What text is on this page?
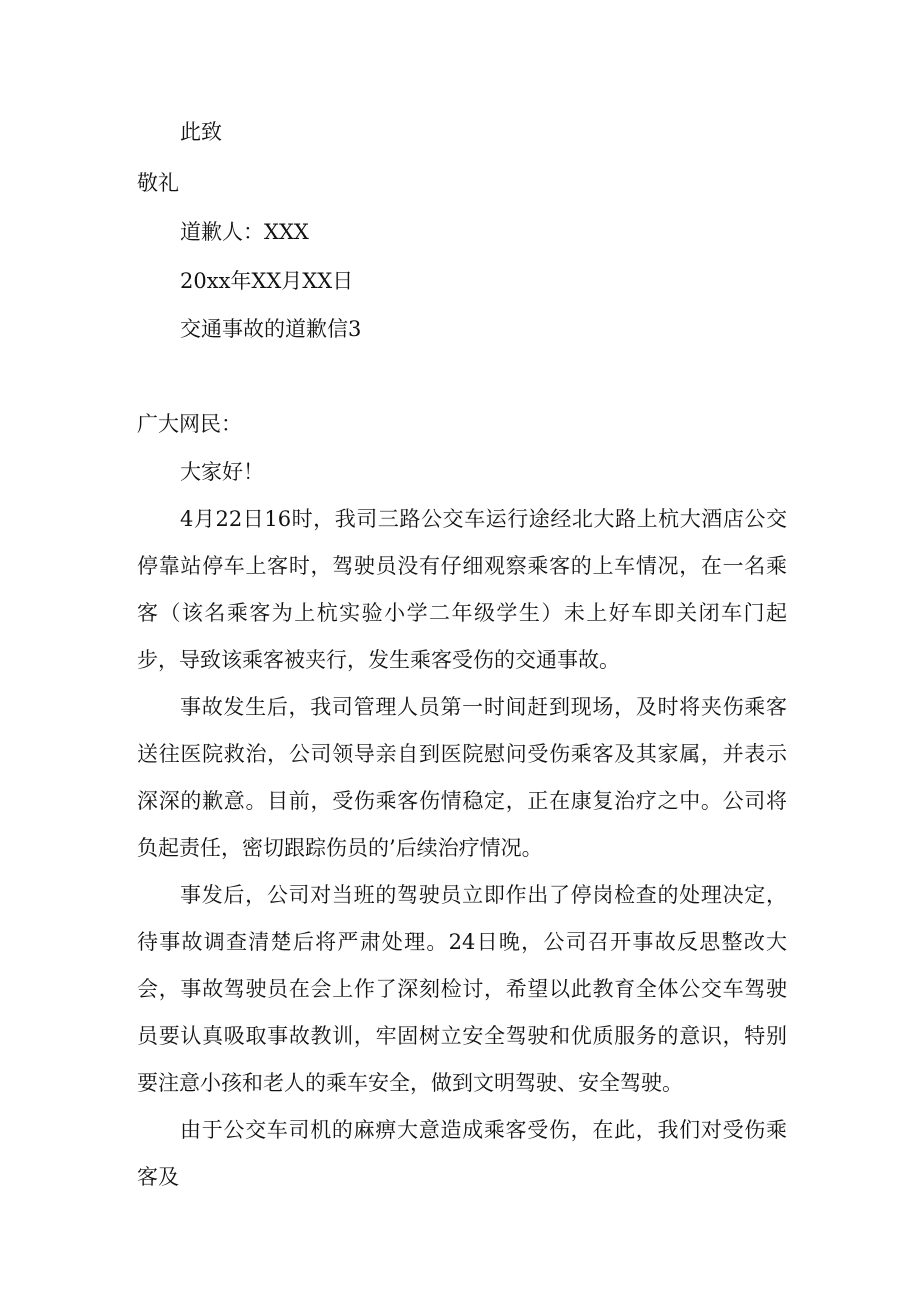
此致

敬礼

道歉人：XXX

20xx年XX月XX日

交通事故的道歉信3

广大网民：

大家好！

4月22日16时，我司三路公交车运行途经北大路上杭大酒店公交停靠站停车上客时，驾驶员没有仔细观察乘客的上车情况，在一名乘客（该名乘客为上杭实验小学二年级学生）未上好车即关闭车门起步，导致该乘客被夹行，发生乘客受伤的交通事故。

事故发生后，我司管理人员第一时间赶到现场，及时将夹伤乘客送往医院救治，公司领导亲自到医院慰问受伤乘客及其家属，并表示深深的歉意。目前，受伤乘客伤情稳定，正在康复治疗之中。公司将负起责任，密切跟踪伤员的’后续治疗情况。

事发后，公司对当班的驾驶员立即作出了停岗检查的处理决定，待事故调查清楚后将严肃处理。24日晚，公司召开事故反思整改大会，事故驾驶员在会上作了深刻检讨，希望以此教育全体公交车驾驶员要认真吸取事故教训，牢固树立安全驾驶和优质服务的意识，特别要注意小孩和老人的乘车安全，做到文明驾驶、安全驾驶。

由于公交车司机的麻痹大意造成乘客受伤，在此，我们对受伤乘客及
